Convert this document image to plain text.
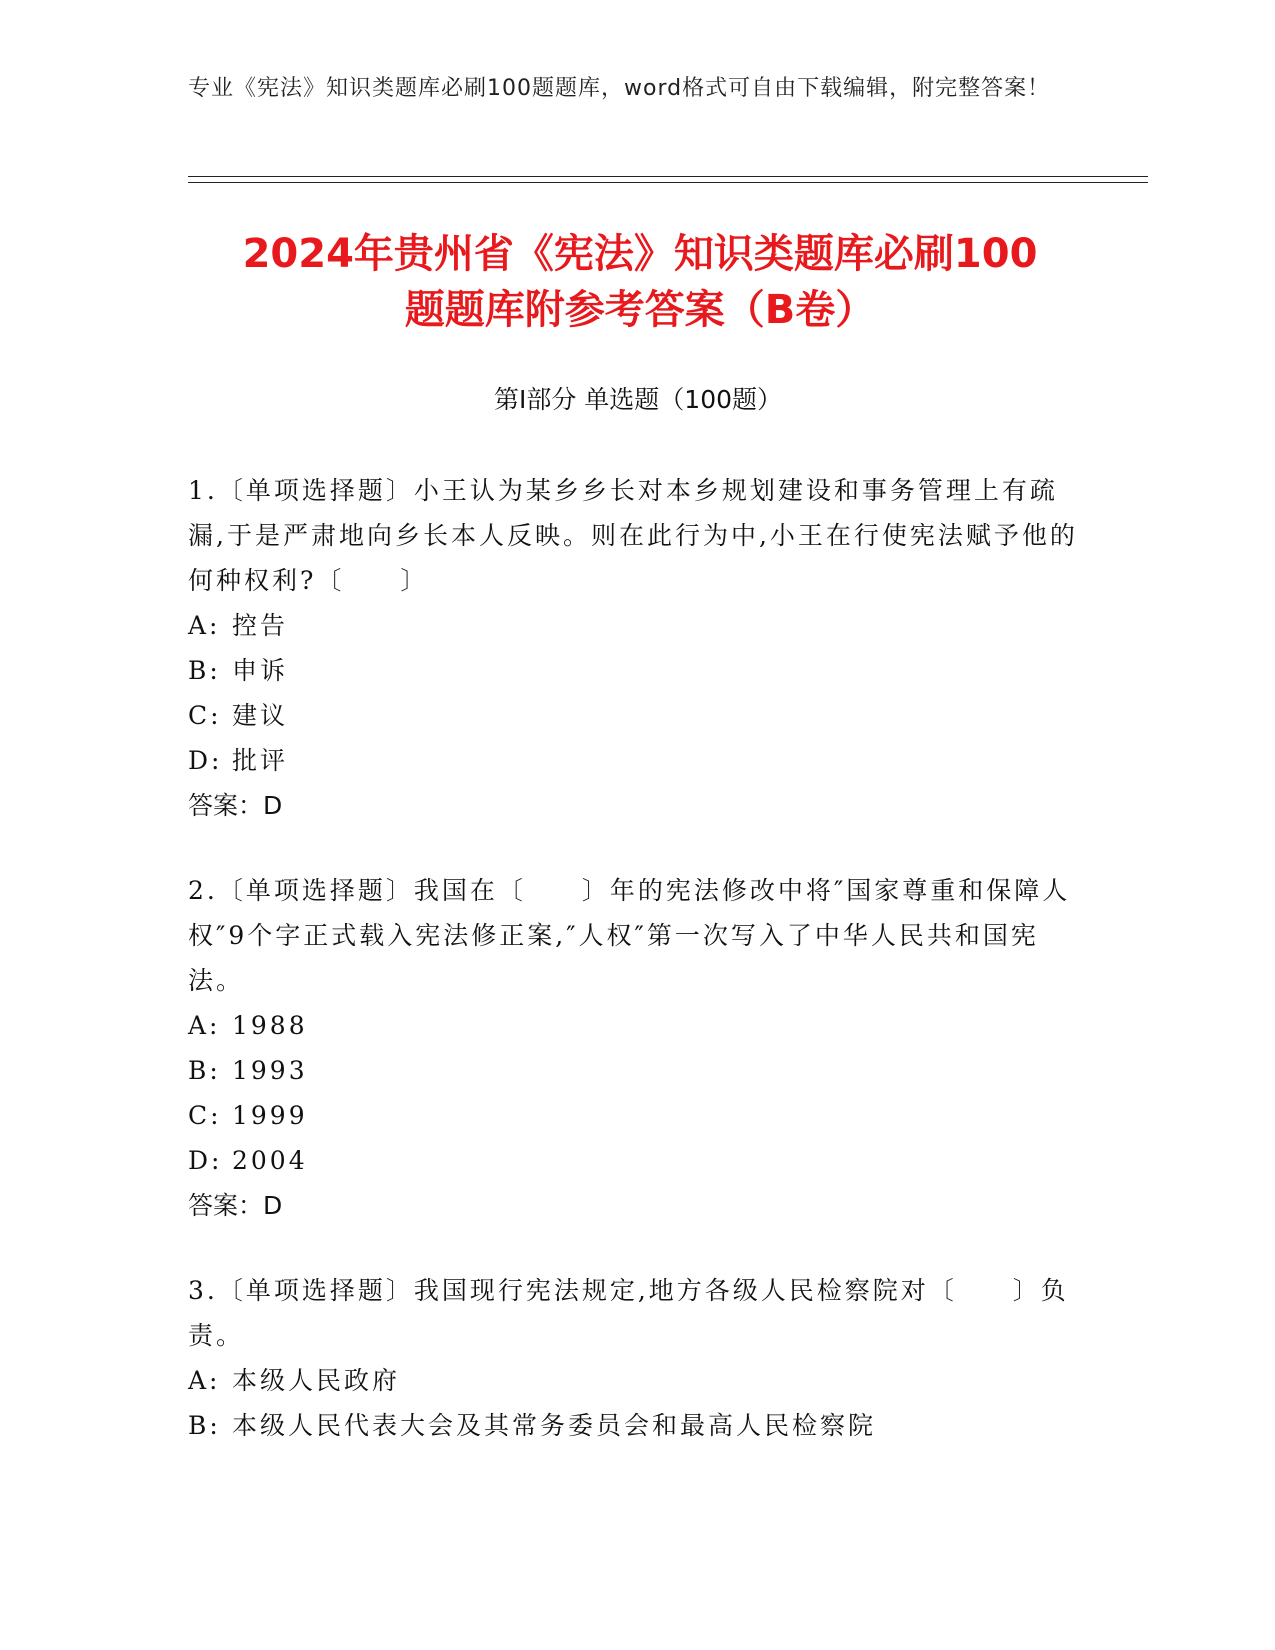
专业《宪法》知识类题库必刷100题题库，word格式可自由下载编辑，附完整答案！
2024年贵州省《宪法》知识类题库必刷100
题题库附参考答案（B卷）
第Ⅰ部分 单选题（100题）
1.〔单项选择题〕小王认为某乡乡长对本乡规划建设和事务管理上有疏漏,于是严肃地向乡长本人反映。则在此行为中,小王在行使宪法赋予他的何种权利?〔　　〕
A: 控告
B: 申诉
C: 建议
D: 批评
答案：D
2.〔单项选择题〕我国在〔　　〕年的宪法修改中将″国家尊重和保障人权″9个字正式载入宪法修正案,″人权″第一次写入了中华人民共和国宪法。
A: 1988
B: 1993
C: 1999
D: 2004
答案：D
3.〔单项选择题〕我国现行宪法规定,地方各级人民检察院对〔　　〕负责。
A: 本级人民政府
B: 本级人民代表大会及其常务委员会和最高人民检察院
